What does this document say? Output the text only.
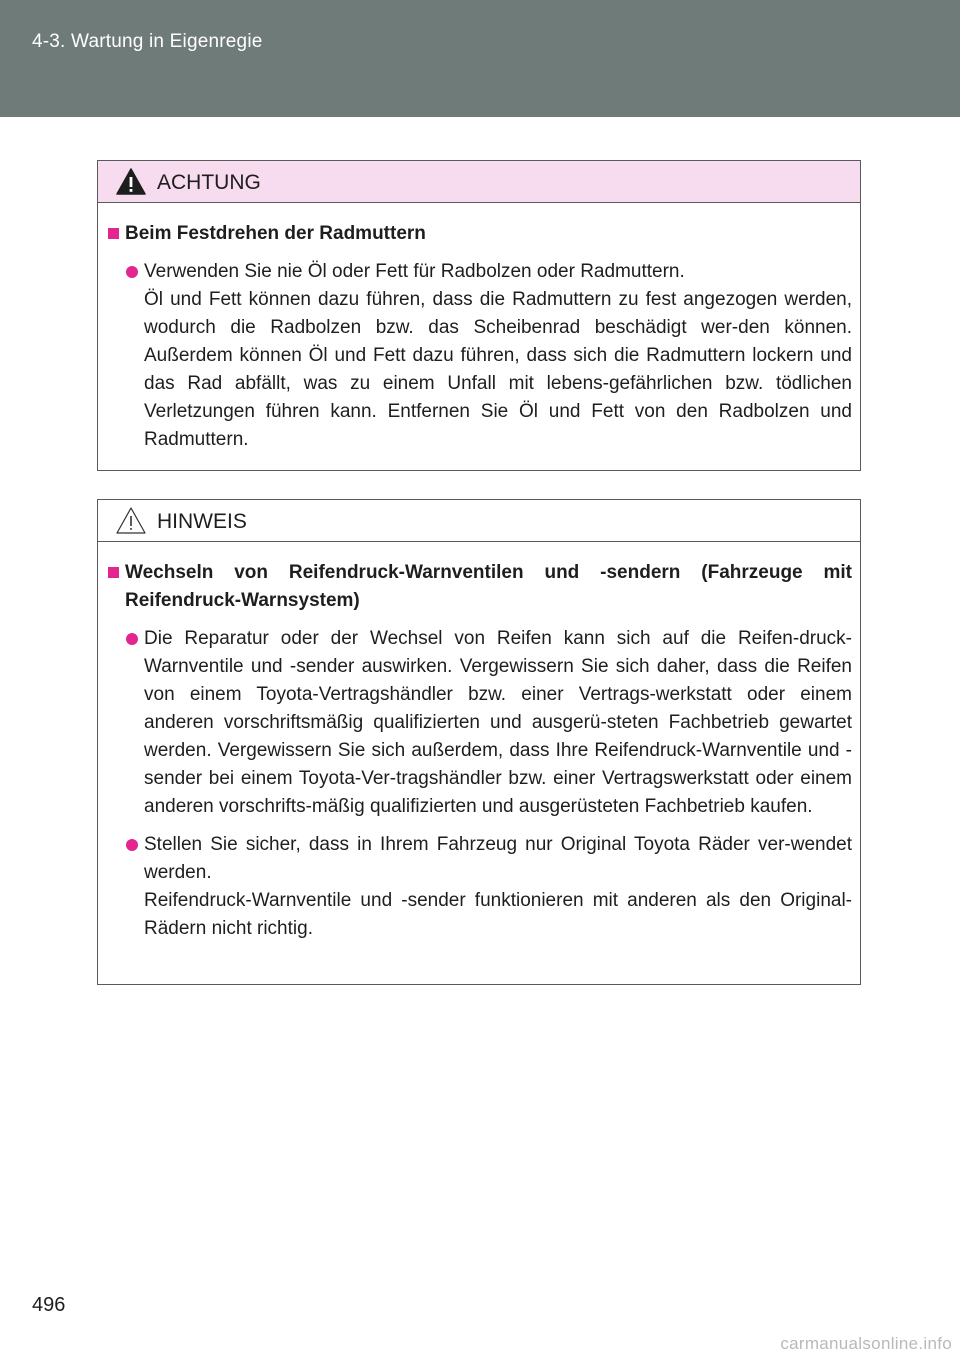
4-3. Wartung in Eigenregie
ACHTUNG
Beim Festdrehen der Radmuttern

Verwenden Sie nie Öl oder Fett für Radbolzen oder Radmuttern.

Öl und Fett können dazu führen, dass die Radmuttern zu fest angezogen werden, wodurch die Radbolzen bzw. das Scheibenrad beschädigt wer-den können. Außerdem können Öl und Fett dazu führen, dass sich die Radmuttern lockern und das Rad abfällt, was zu einem Unfall mit lebens-gefährlichen bzw. tödlichen Verletzungen führen kann. Entfernen Sie Öl und Fett von den Radbolzen und Radmuttern.

HINWEIS
Wechseln von Reifendruck-Warnventilen und -sendern (Fahrzeuge mit Reifendruck-Warnsystem)

Die Reparatur oder der Wechsel von Reifen kann sich auf die Reifen-druck-Warnventile und -sender auswirken. Vergewissern Sie sich daher, dass die Reifen von einem Toyota-Vertragshändler bzw. einer Vertrags-werkstatt oder einem anderen vorschriftsmäßig qualifizierten und ausgerü-steten Fachbetrieb gewartet werden. Vergewissern Sie sich außerdem, dass Ihre Reifendruck-Warnventile und -sender bei einem Toyota-Ver-tragshändler bzw. einer Vertragswerkstatt oder einem anderen vorschrifts-mäßig qualifizierten und ausgerüsteten Fachbetrieb kaufen.

Stellen Sie sicher, dass in Ihrem Fahrzeug nur Original Toyota Räder ver-wendet werden.

Reifendruck-Warnventile und -sender funktionieren mit anderen als den Original-Rädern nicht richtig.

496
carmanualsonline.info
